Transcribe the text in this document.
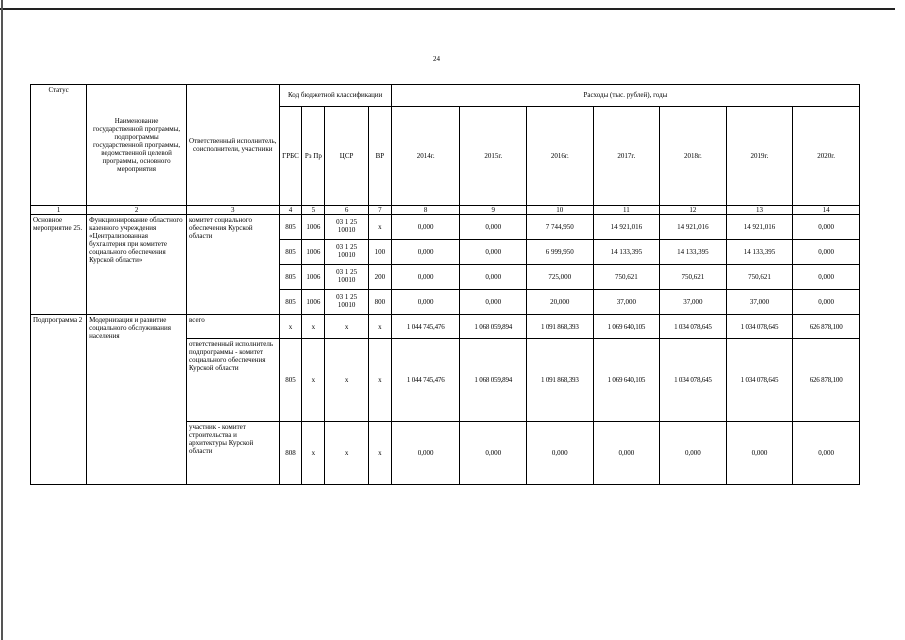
24
Статус	Наименование государственной программы, подпрограммы государственной программы, ведомственной целевой программы, основного мероприятия	Ответственный исполнитель, соисполнители, участники	Код бюджетной классификации				Расходы (тыс. рублей), годы						
			ГРБС	Рз Пр	ЦСР	ВР	2014г.	2015г.	2016г.	2017г.	2018г.	2019г.	2020г.
1	2	3	4	5	6	7	8	9	10	11	12	13	14
Основное мероприятие 25.	Функционирование областного казенного учреждения «Централизованная бухгалтерия при комитете социального обеспечения Курской области»	комитет социального обеспечения Курской области	805	1006	03 1 25 10010	x	0,000	0,000	7 744,950	14 921,016	14 921,016	14 921,016	0,000
			805	1006	03 1 25 10010	100	0,000	0,000	6 999,950	14 133,395	14 133,395	14 133,395	0,000
			805	1006	03 1 25 10010	200	0,000	0,000	725,000	750,621	750,621	750,621	0,000
			805	1006	03 1 25 10010	800	0,000	0,000	20,000	37,000	37,000	37,000	0,000
Подпрограмма 2	Модернизация и развитие социального обслуживания населения	всего	x	x	x	x	1 044 745,476	1 068 059,894	1 091 868,393	1 069 640,105	1 034 078,645	1 034 078,645	626 878,100
		ответственный исполнитель подпрограммы - комитет социального обеспечения Курской области	805	x	x	x	1 044 745,476	1 068 059,894	1 091 868,393	1 069 640,105	1 034 078,645	1 034 078,645	626 878,100
		участник - комитет строительства и архитектуры Курской области	808	x	x	x	0,000	0,000	0,000	0,000	0,000	0,000	0,000
